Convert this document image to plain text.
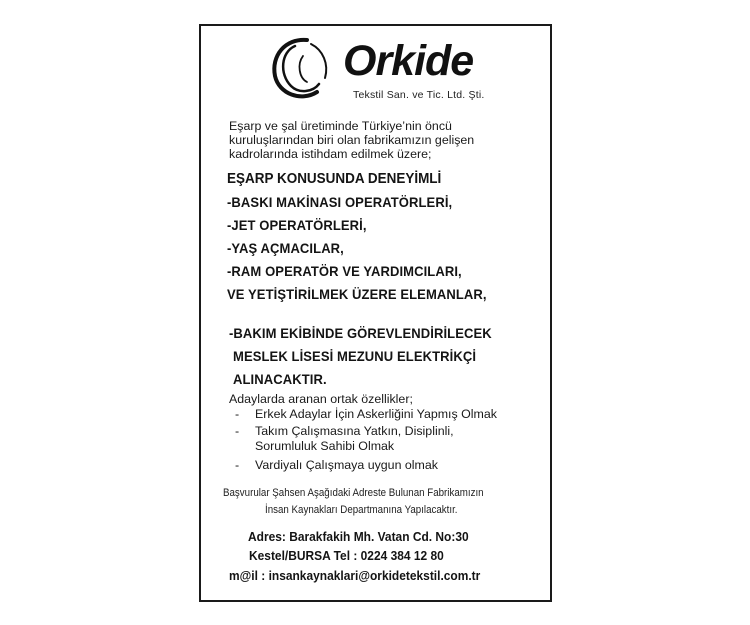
Orkide
Tekstil San. ve Tic. Ltd. Şti.
Eşarp ve şal üretiminde Türkiye’nin öncü
kuruluşlarından biri olan fabrikamızın gelişen
kadrolarında istihdam edilmek üzere;
EŞARP KONUSUNDA DENEYİMLİ
-BASKI MAKİNASI OPERATÖRLERİ,
-JET OPERATÖRLERİ,
-YAŞ AÇMACILAR,
-RAM OPERATÖR VE YARDIMCILARI,
VE YETİŞTİRİLMEK ÜZERE ELEMANLAR,
-BAKIM EKİBİNDE GÖREVLENDİRİLECEK
MESLEK LİSESİ MEZUNU ELEKTRİKÇİ
ALINACAKTIR.
Adaylarda aranan ortak özellikler;
- Erkek Adaylar İçin Askerliğini Yapmış Olmak
- Takım Çalışmasına Yatkın, Disiplinli,
Sorumluluk Sahibi Olmak
- Vardiyalı Çalışmaya uygun olmak
Başvurular Şahsen Aşağıdaki Adreste Bulunan Fabrikamızın
İnsan Kaynakları Departmanına Yapılacaktır.
Adres: Barakfakih Mh. Vatan Cd. No:30
Kestel/BURSA Tel : 0224 384 12 80
m@il : insankaynaklari@orkidetekstil.com.tr
